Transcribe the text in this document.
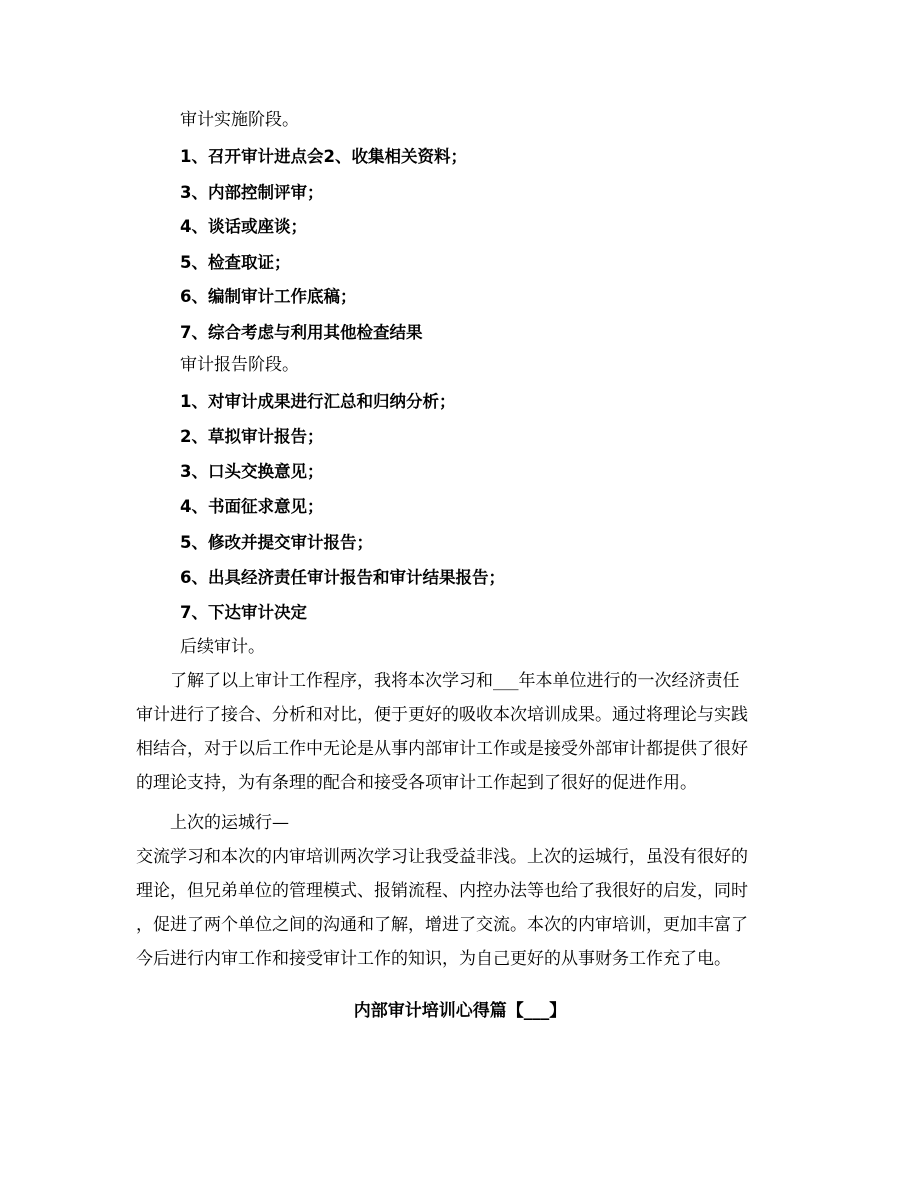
审计实施阶段。
1、召开审计进点会2、收集相关资料；
3、内部控制评审；
4、谈话或座谈；
5、检查取证；
6、编制审计工作底稿；
7、综合考虑与利用其他检查结果
审计报告阶段。
1、对审计成果进行汇总和归纳分析；
2、草拟审计报告；
3、口头交换意见；
4、书面征求意见；
5、修改并提交审计报告；
6、出具经济责任审计报告和审计结果报告；
7、下达审计决定
后续审计。
　　了解了以上审计工作程序，我将本次学习和___年本单位进行的一次经济责任
审计进行了接合、分析和对比，便于更好的吸收本次培训成果。通过将理论与实践
相结合，对于以后工作中无论是从事内部审计工作或是接受外部审计都提供了很好
的理论支持，为有条理的配合和接受各项审计工作起到了很好的促进作用。
　　上次的运城行—
交流学习和本次的内审培训两次学习让我受益非浅。上次的运城行，虽没有很好的
理论，但兄弟单位的管理模式、报销流程、内控办法等也给了我很好的启发，同时
，促进了两个单位之间的沟通和了解，增进了交流。本次的内审培训，更加丰富了
今后进行内审工作和接受审计工作的知识，为自己更好的从事财务工作充了电。
内部审计培训心得篇【___】
